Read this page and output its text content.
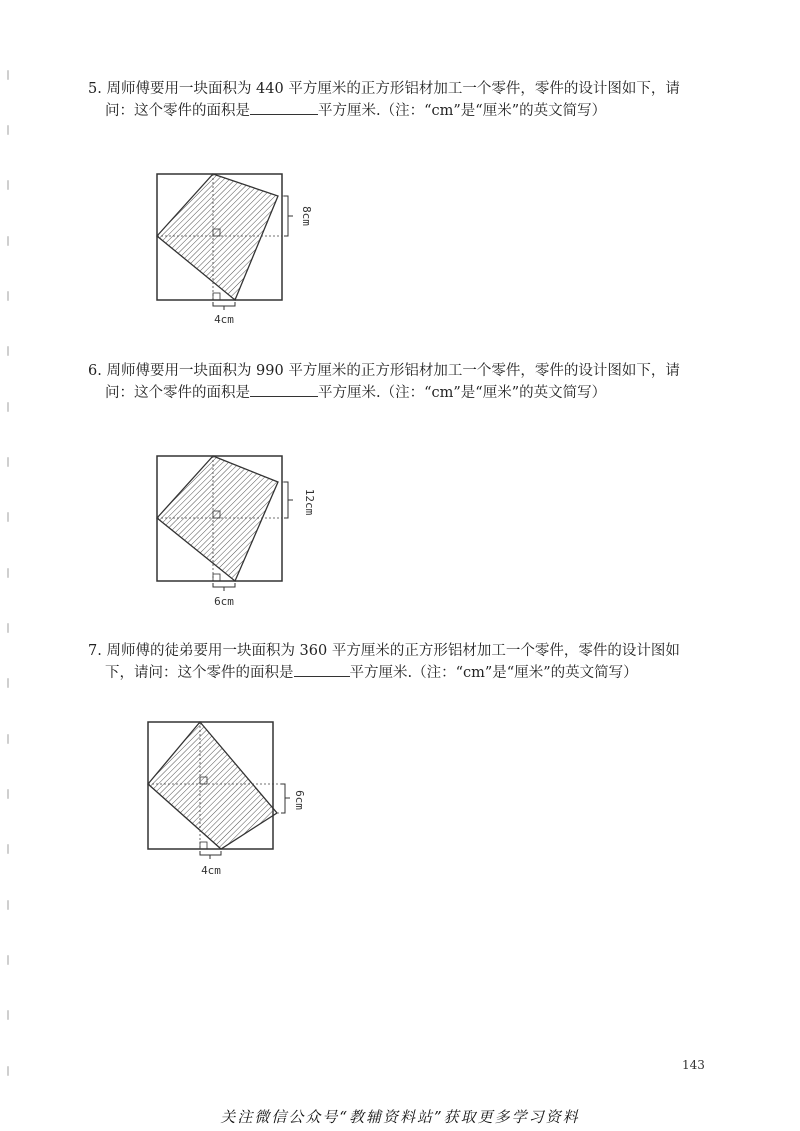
5. 周师傅要用一块面积为 440 平方厘米的正方形铝材加工一个零件，零件的设计图如下，请
问：这个零件的面积是	平方厘米.（注：“cm”是“厘米”的英文简写）
8cm
4cm
6. 周师傅要用一块面积为 990 平方厘米的正方形铝材加工一个零件，零件的设计图如下，请
问：这个零件的面积是	平方厘米.（注：“cm”是“厘米”的英文简写）
12cm
6cm
7. 周师傅的徒弟要用一块面积为 360 平方厘米的正方形铝材加工一个零件，零件的设计图如
下，请问：这个零件的面积是	平方厘米.（注：“cm”是“厘米”的英文简写）
6cm
4cm
143
关注微信公众号“教辅资料站”获取更多学习资料
